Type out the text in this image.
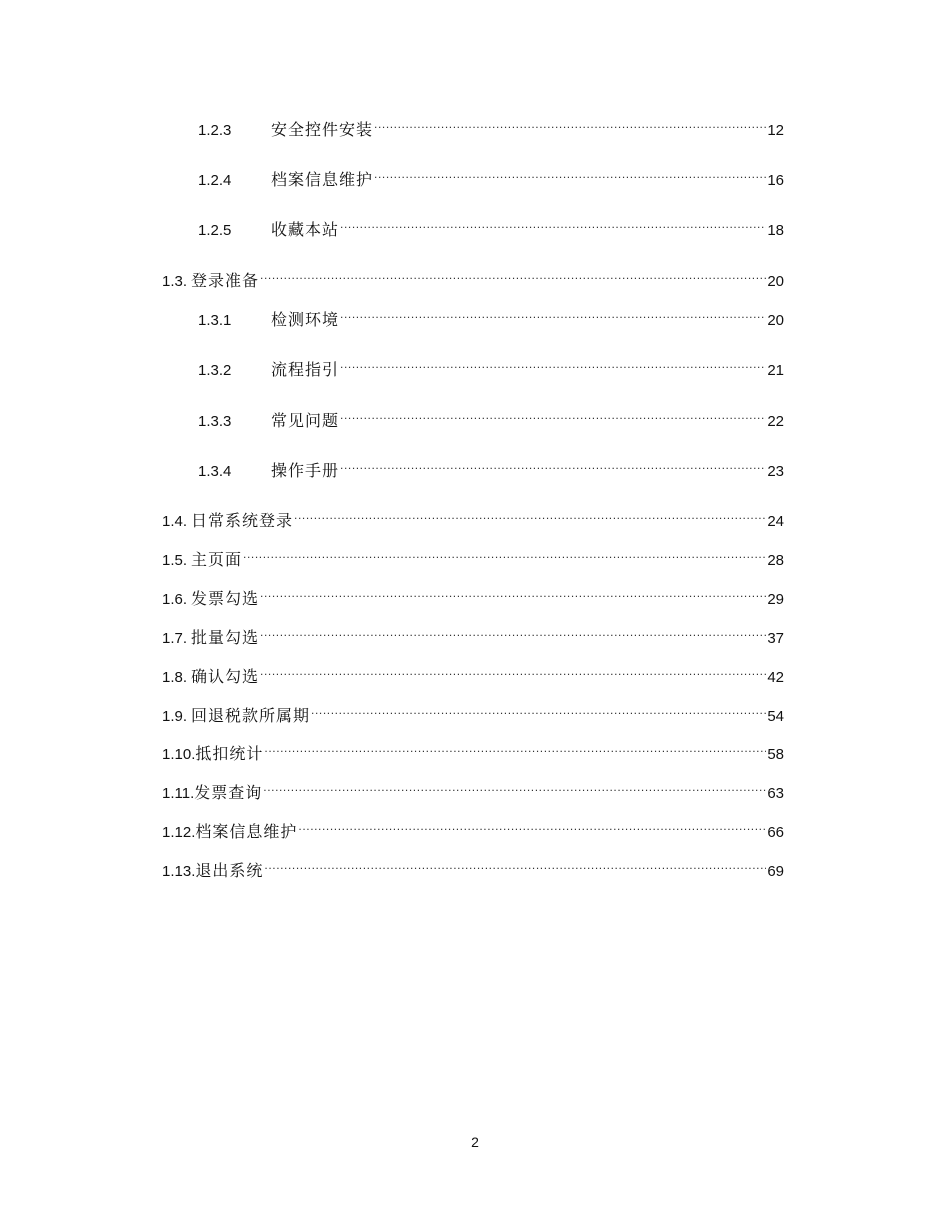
1.2.3	安全控件安装 .....	12
1.2.4	档案信息维护 .....	16
1.2.5	收藏本站 .....	18
1.3. 登录准备 .....	20
1.3.1	检测环境 .....	20
1.3.2	流程指引 .....	21
1.3.3	常见问题 .....	22
1.3.4	操作手册 .....	23
1.4. 日常系统登录 .....	24
1.5. 主页面 .....	28
1.6. 发票勾选 .....	29
1.7. 批量勾选 .....	37
1.8. 确认勾选 .....	42
1.9. 回退税款所属期 .....	54
1.10. 抵扣统计 .....	58
1.11. 发票查询 .....	63
1.12. 档案信息维护 .....	66
1.13. 退出系统 .....	69
2
